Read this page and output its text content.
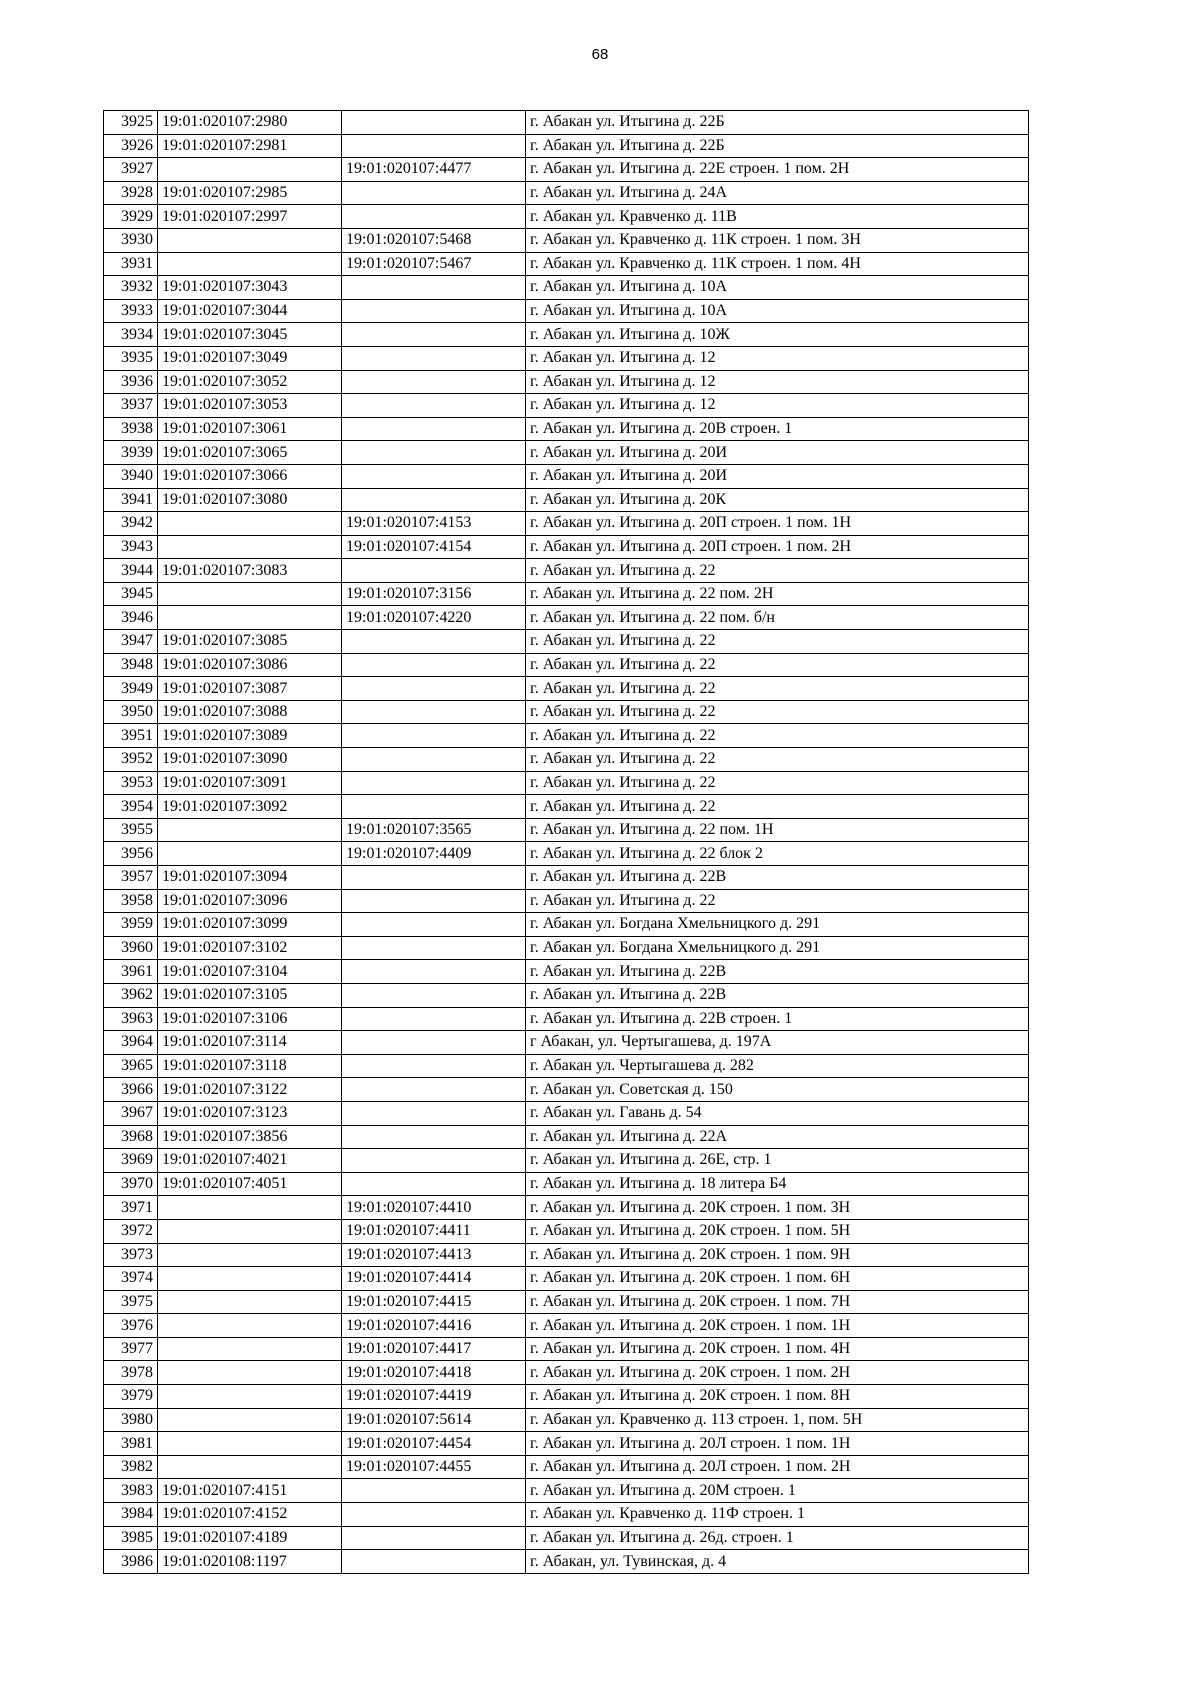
68
3925	19:01:020107:2980		г. Абакан ул. Итыгина д. 22Б
3926	19:01:020107:2981		г. Абакан ул. Итыгина д. 22Б
3927		19:01:020107:4477	г. Абакан ул. Итыгина д. 22Е строен. 1 пом. 2Н
3928	19:01:020107:2985		г. Абакан ул. Итыгина д. 24А
3929	19:01:020107:2997		г. Абакан ул. Кравченко д. 11В
3930		19:01:020107:5468	г. Абакан ул. Кравченко д. 11К строен. 1 пом. 3Н
3931		19:01:020107:5467	г. Абакан ул. Кравченко д. 11К строен. 1 пом. 4Н
3932	19:01:020107:3043		г. Абакан ул. Итыгина д. 10А
3933	19:01:020107:3044		г. Абакан ул. Итыгина д. 10А
3934	19:01:020107:3045		г. Абакан ул. Итыгина д. 10Ж
3935	19:01:020107:3049		г. Абакан ул. Итыгина д. 12
3936	19:01:020107:3052		г. Абакан ул. Итыгина д. 12
3937	19:01:020107:3053		г. Абакан ул. Итыгина д. 12
3938	19:01:020107:3061		г. Абакан ул. Итыгина д. 20В строен. 1
3939	19:01:020107:3065		г. Абакан ул. Итыгина д. 20И
3940	19:01:020107:3066		г. Абакан ул. Итыгина д. 20И
3941	19:01:020107:3080		г. Абакан ул. Итыгина д. 20К
3942		19:01:020107:4153	г. Абакан ул. Итыгина д. 20П строен. 1 пом. 1Н
3943		19:01:020107:4154	г. Абакан ул. Итыгина д. 20П строен. 1 пом. 2Н
3944	19:01:020107:3083		г. Абакан ул. Итыгина д. 22
3945		19:01:020107:3156	г. Абакан ул. Итыгина д. 22 пом. 2Н
3946		19:01:020107:4220	г. Абакан ул. Итыгина д. 22 пом. б/н
3947	19:01:020107:3085		г. Абакан ул. Итыгина д. 22
3948	19:01:020107:3086		г. Абакан ул. Итыгина д. 22
3949	19:01:020107:3087		г. Абакан ул. Итыгина д. 22
3950	19:01:020107:3088		г. Абакан ул. Итыгина д. 22
3951	19:01:020107:3089		г. Абакан ул. Итыгина д. 22
3952	19:01:020107:3090		г. Абакан ул. Итыгина д. 22
3953	19:01:020107:3091		г. Абакан ул. Итыгина д. 22
3954	19:01:020107:3092		г. Абакан ул. Итыгина д. 22
3955		19:01:020107:3565	г. Абакан ул. Итыгина д. 22 пом. 1Н
3956		19:01:020107:4409	г. Абакан ул. Итыгина д. 22 блок 2
3957	19:01:020107:3094		г. Абакан ул. Итыгина д. 22В
3958	19:01:020107:3096		г. Абакан ул. Итыгина д. 22
3959	19:01:020107:3099		г. Абакан ул. Богдана Хмельницкого д. 291
3960	19:01:020107:3102		г. Абакан ул. Богдана Хмельницкого д. 291
3961	19:01:020107:3104		г. Абакан ул. Итыгина д. 22В
3962	19:01:020107:3105		г. Абакан ул. Итыгина д. 22В
3963	19:01:020107:3106		г. Абакан ул. Итыгина д. 22В строен. 1
3964	19:01:020107:3114		г Абакан, ул. Чертыгашева, д. 197А
3965	19:01:020107:3118		г. Абакан ул. Чертыгашева д. 282
3966	19:01:020107:3122		г. Абакан ул. Советская д. 150
3967	19:01:020107:3123		г. Абакан ул. Гавань д. 54
3968	19:01:020107:3856		г. Абакан ул. Итыгина д. 22А
3969	19:01:020107:4021		г. Абакан ул. Итыгина д. 26Е, стр. 1
3970	19:01:020107:4051		г. Абакан ул. Итыгина д. 18 литера Б4
3971		19:01:020107:4410	г. Абакан ул. Итыгина д. 20К строен. 1 пом. 3Н
3972		19:01:020107:4411	г. Абакан ул. Итыгина д. 20К строен. 1 пом. 5Н
3973		19:01:020107:4413	г. Абакан ул. Итыгина д. 20К строен. 1 пом. 9Н
3974		19:01:020107:4414	г. Абакан ул. Итыгина д. 20К строен. 1 пом. 6Н
3975		19:01:020107:4415	г. Абакан ул. Итыгина д. 20К строен. 1 пом. 7Н
3976		19:01:020107:4416	г. Абакан ул. Итыгина д. 20К строен. 1 пом. 1Н
3977		19:01:020107:4417	г. Абакан ул. Итыгина д. 20К строен. 1 пом. 4Н
3978		19:01:020107:4418	г. Абакан ул. Итыгина д. 20К строен. 1 пом. 2Н
3979		19:01:020107:4419	г. Абакан ул. Итыгина д. 20К строен. 1 пом. 8Н
3980		19:01:020107:5614	г. Абакан ул. Кравченко д. 11З строен. 1, пом. 5Н
3981		19:01:020107:4454	г. Абакан ул. Итыгина д. 20Л строен. 1 пом. 1Н
3982		19:01:020107:4455	г. Абакан ул. Итыгина д. 20Л строен. 1 пом. 2Н
3983	19:01:020107:4151		г. Абакан ул. Итыгина д. 20М строен. 1
3984	19:01:020107:4152		г. Абакан ул. Кравченко д. 11Ф строен. 1
3985	19:01:020107:4189		г. Абакан ул. Итыгина д. 26д. строен. 1
3986	19:01:020108:1197		г. Абакан, ул. Тувинская, д. 4
